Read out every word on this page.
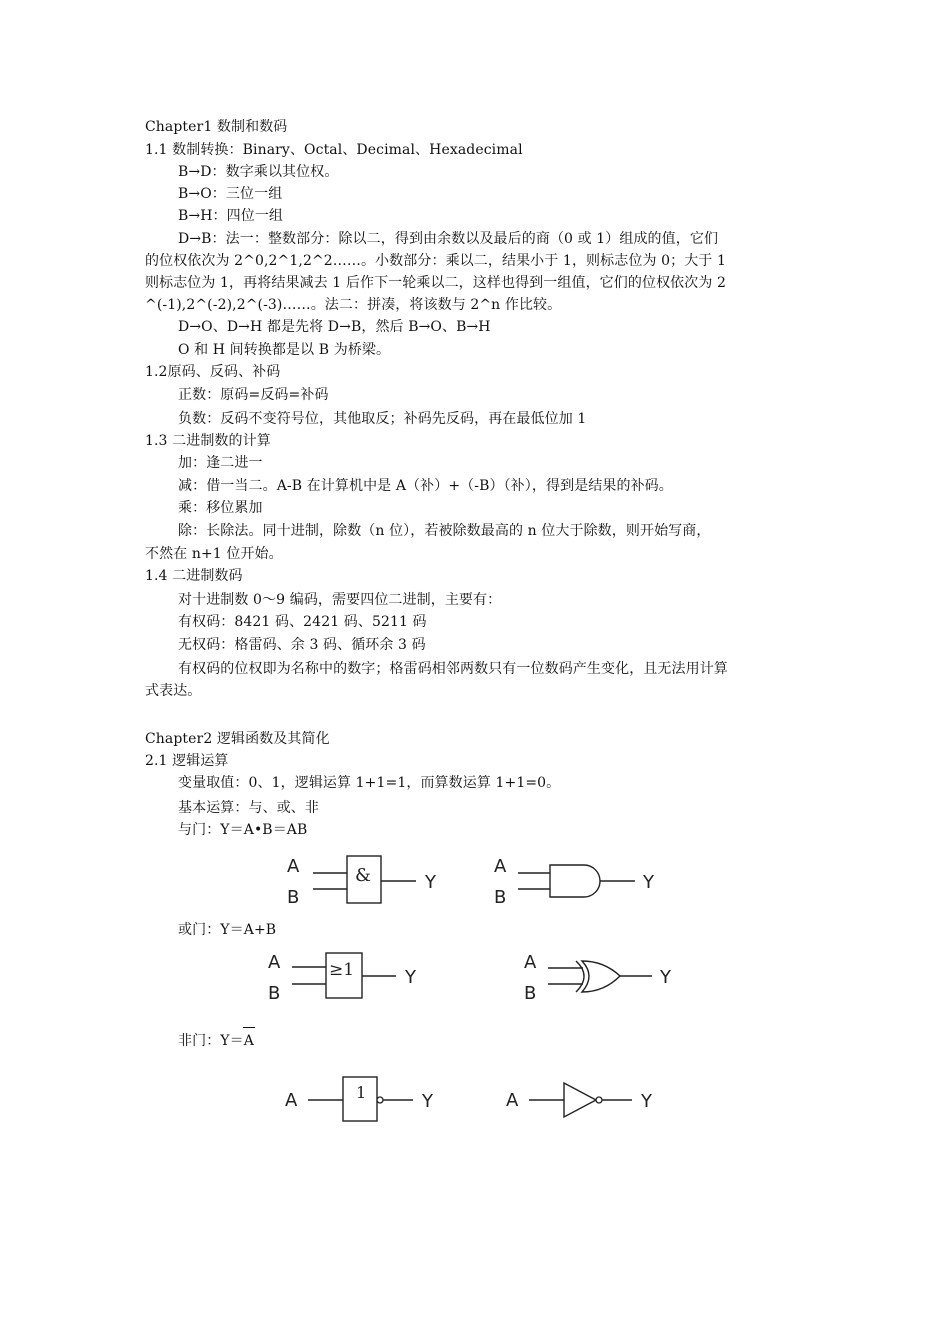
Chapter1 数制和数码
1.1 数制转换：Binary、Octal、Decimal、Hexadecimal
B→D：数字乘以其位权。
B→O：三位一组
B→H：四位一组
D→B：法一：整数部分：除以二，得到由余数以及最后的商（0 或 1）组成的值，它们
的位权依次为 2^0,2^1,2^2……。小数部分：乘以二，结果小于 1，则标志位为 0；大于 1
则标志位为 1，再将结果减去 1 后作下一轮乘以二，这样也得到一组值，它们的位权依次为 2
^(-1),2^(-2),2^(-3)……。法二：拼凑，将该数与 2^n 作比较。
D→O、D→H 都是先将 D→B，然后 B→O、B→H
O 和 H 间转换都是以 B 为桥梁。
1.2原码、反码、补码
正数：原码=反码=补码
负数：反码不变符号位，其他取反；补码先反码，再在最低位加 1
1.3 二进制数的计算
加：逢二进一
减：借一当二。A-B 在计算机中是 A（补）+（-B）（补），得到是结果的补码。
乘：移位累加
除：长除法。同十进制，除数（n 位），若被除数最高的 n 位大于除数，则开始写商，
不然在 n+1 位开始。
1.4 二进制数码
对十进制数 0～9 编码，需要四位二进制，主要有：
有权码：8421 码、2421 码、5211 码
无权码：格雷码、余 3 码、循环余 3 码
有权码的位权即为名称中的数字；格雷码相邻两数只有一位数码产生变化，且无法用计算
式表达。
Chapter2 逻辑函数及其简化
2.1 逻辑运算
变量取值：0、1，逻辑运算 1+1=1，而算数运算 1+1=0。
基本运算：与、或、非
与门：Y＝A•B＝AB
A
B
&	Y
A
B
Y
或门：Y＝A+B
A
B
≥1	Y
A
B
Y
非门：Y＝A
A	1	Y	A	Y
